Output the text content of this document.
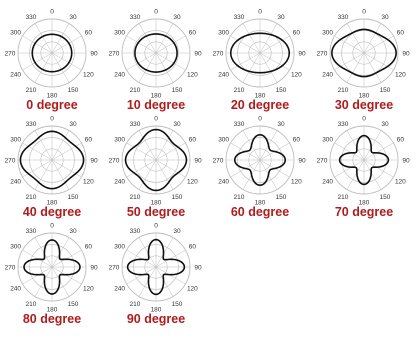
0
30
60
90
120
150
180
210
240
270
300
330
0
30
60
90
120
150
180
210
240
270
300
330
0
30
60
90
120
150
180
210
240
270
300
330
0
30
60
90
120
150
180
210
240
270
300
330
0
30
60
90
120
150
180
210
240
270
300
330
0
30
60
90
120
150
180
210
240
270
300
330
0
30
60
90
120
150
180
210
240
270
300
330
0
30
60
90
120
150
180
210
240
270
300
330
0
30
60
90
120
150
180
210
240
270
300
330
0
30
60
90
120
150
180
210
240
270
300
330
0 degree	10 degree	20 degree	30 degree
40 degree	50 degree	60 degree	70 degree
80 degree	90 degree
